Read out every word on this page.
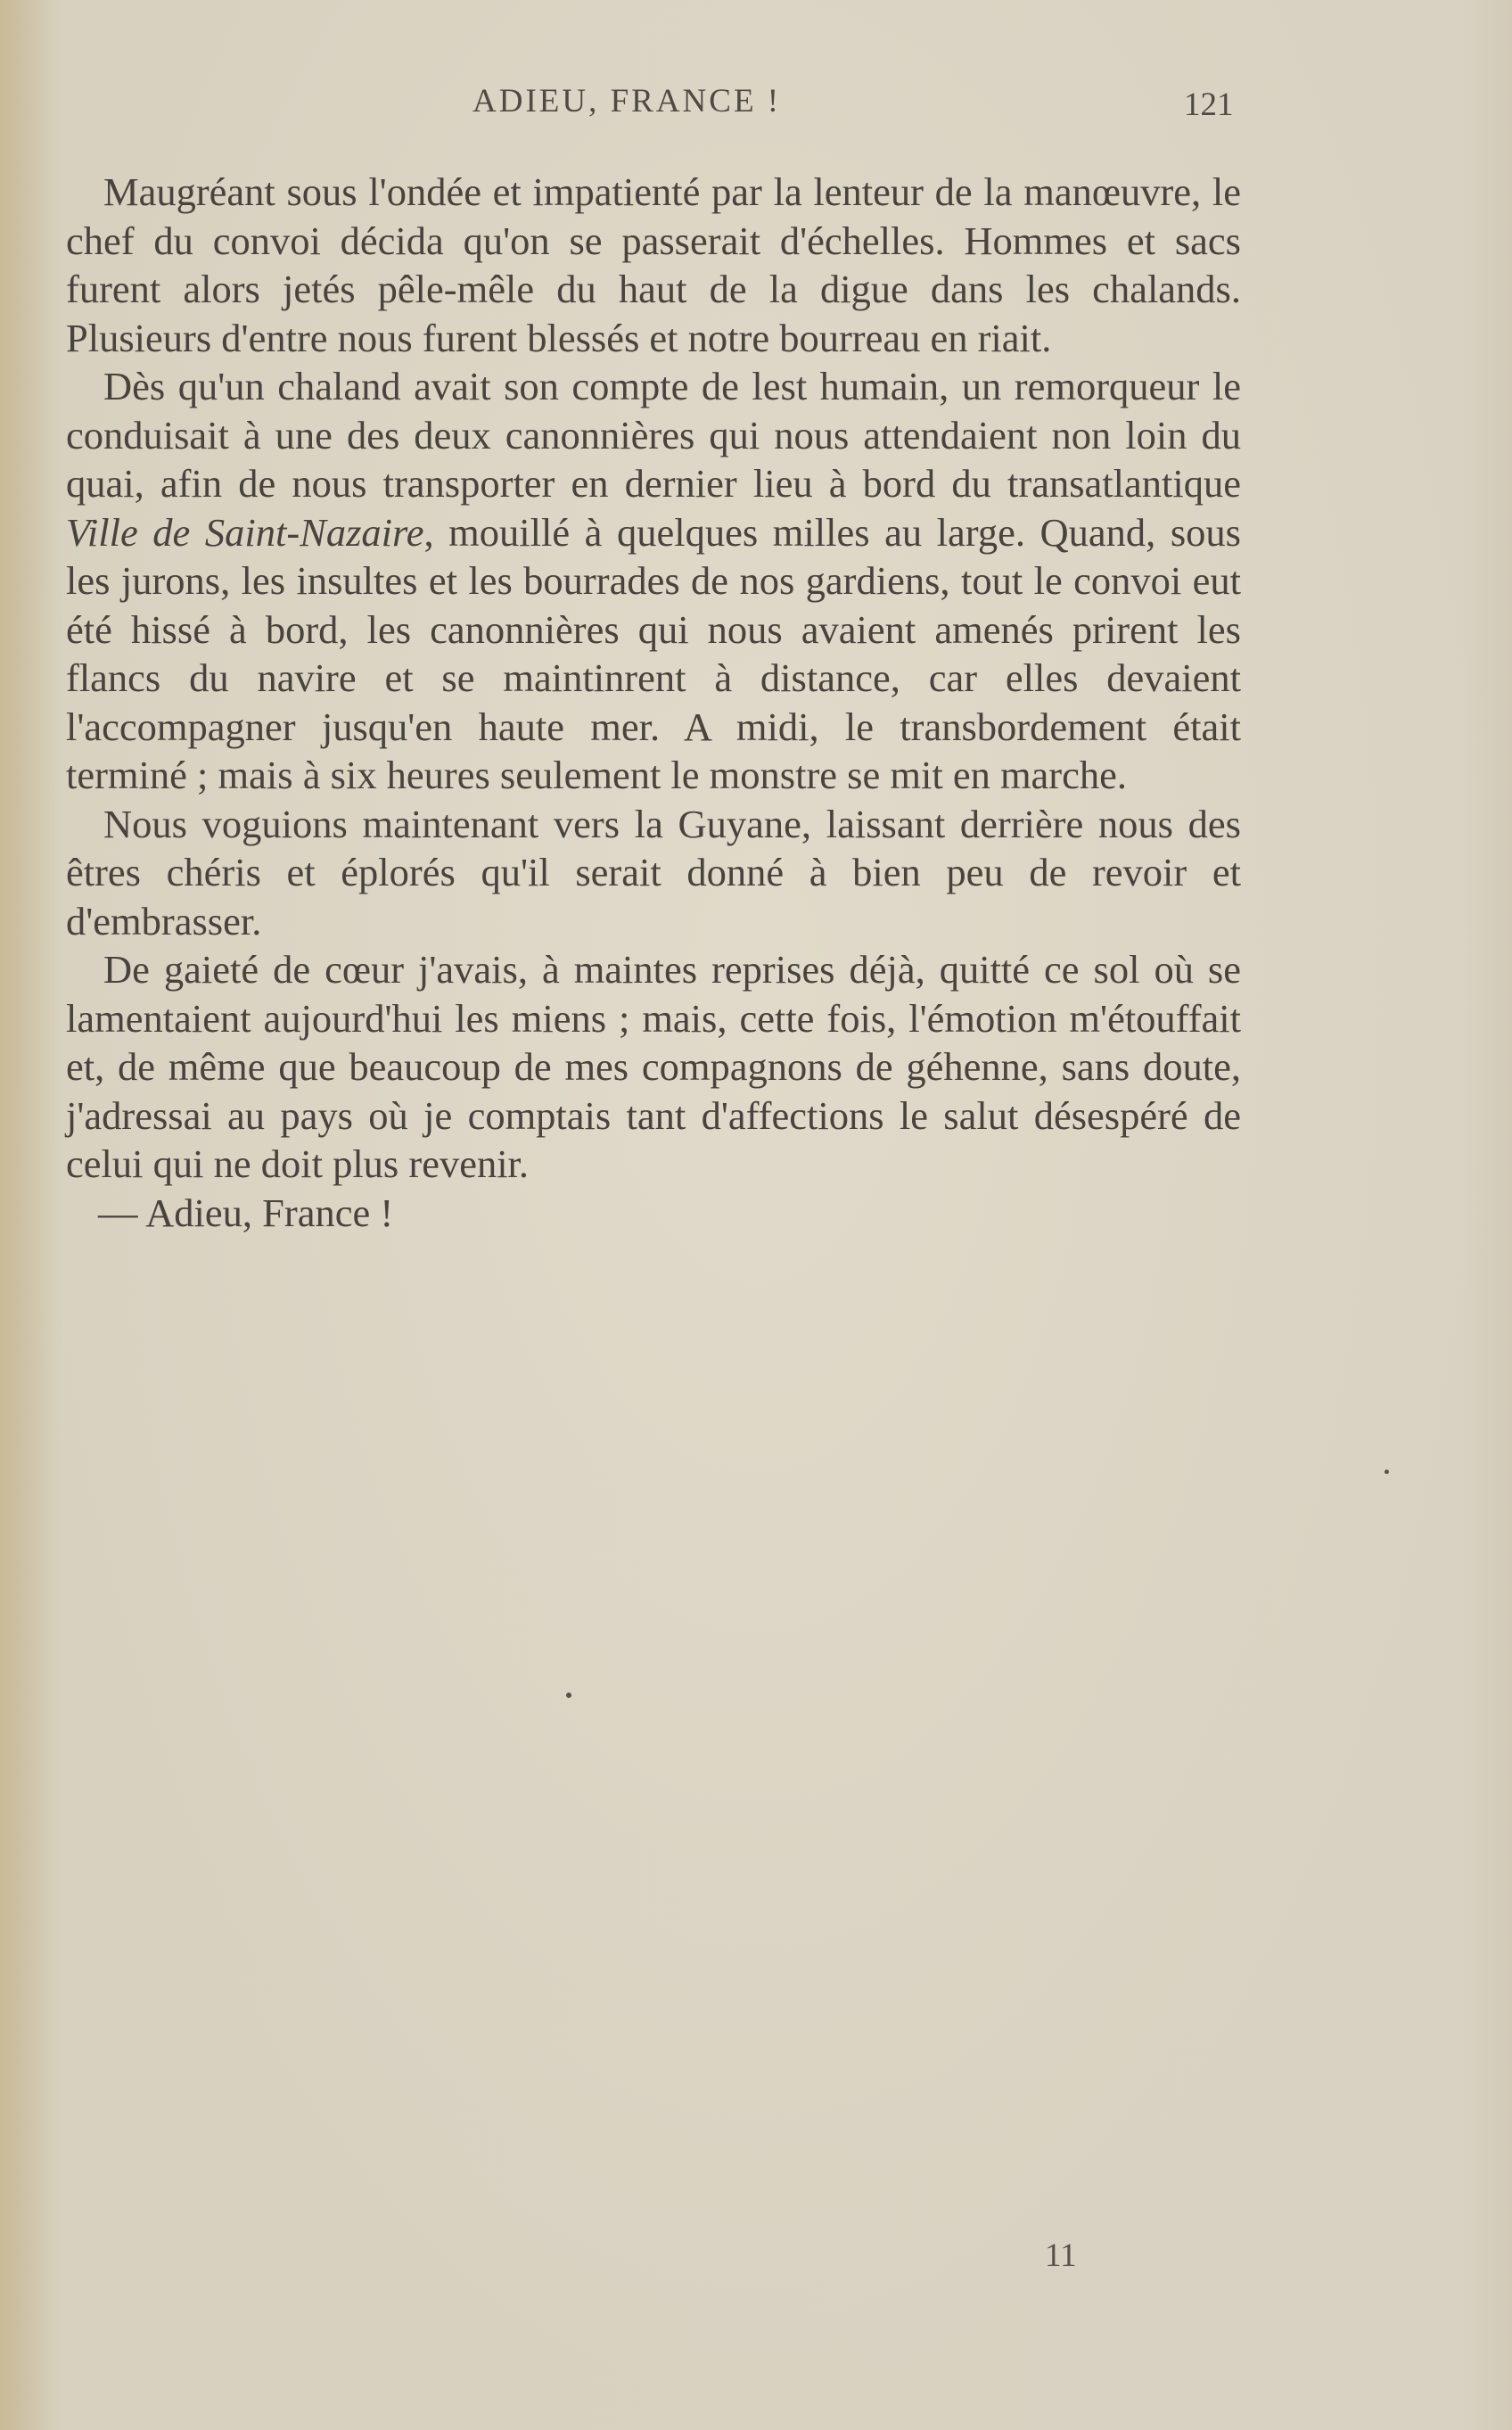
ADIEU, FRANCE !	121

Maugréant sous l'ondée et impatienté par la lenteur de la manœuvre, le chef du convoi décida qu'on se passerait d'échelles. Hommes et sacs furent alors jetés pêle-mêle du haut de la digue dans les chalands. Plusieurs d'entre nous furent blessés et notre bourreau en riait.

Dès qu'un chaland avait son compte de lest humain, un remorqueur le conduisait à une des deux canonnières qui nous attendaient non loin du quai, afin de nous transporter en dernier lieu à bord du transatlantique Ville de Saint-Nazaire, mouillé à quelques milles au large. Quand, sous les jurons, les insultes et les bourrades de nos gardiens, tout le convoi eut été hissé à bord, les canonnières qui nous avaient amenés prirent les flancs du navire et se maintinrent à distance, car elles devaient l'accompagner jusqu'en haute mer. A midi, le transbordement était terminé ; mais à six heures seulement le monstre se mit en marche.

Nous voguions maintenant vers la Guyane, laissant derrière nous des êtres chéris et éplorés qu'il serait donné à bien peu de revoir et d'embrasser.

De gaieté de cœur j'avais, à maintes reprises déjà, quitté ce sol où se lamentaient aujourd'hui les miens ; mais, cette fois, l'émotion m'étouffait et, de même que beaucoup de mes compagnons de géhenne, sans doute, j'adressai au pays où je comptais tant d'affections le salut désespéré de celui qui ne doit plus revenir.

— Adieu, France !

11
